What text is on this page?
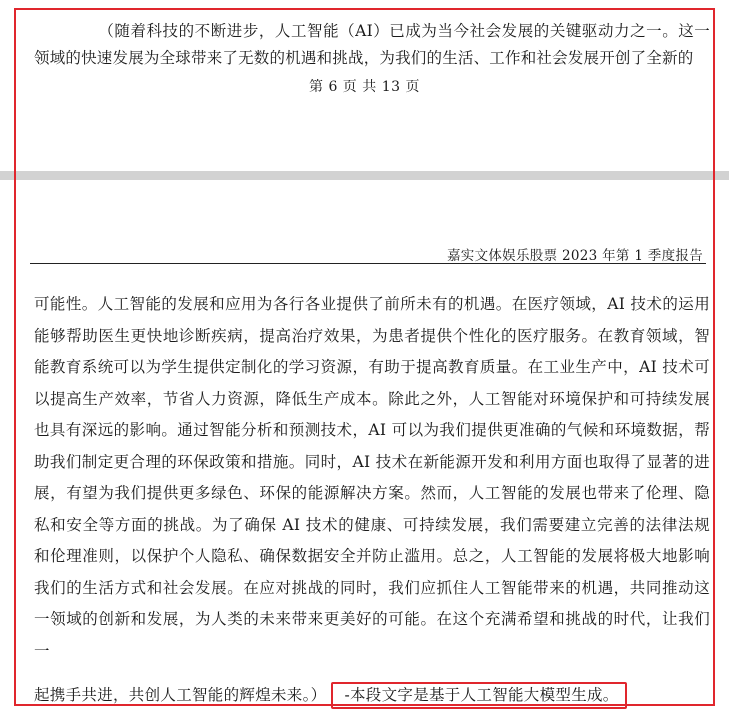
（随着科技的不断进步，人工智能（AI）已成为当今社会发展的关键驱动力之一。这一领域的快速发展为全球带来了无数的机遇和挑战，为我们的生活、工作和社会发展开创了全新的

第 6 页 共 13 页
嘉实文体娱乐股票 2023 年第 1 季度报告

可能性。人工智能的发展和应用为各行各业提供了前所未有的机遇。在医疗领域，AI 技术的运用能够帮助医生更快地诊断疾病，提高治疗效果，为患者提供个性化的医疗服务。在教育领域，智能教育系统可以为学生提供定制化的学习资源，有助于提高教育质量。在工业生产中，AI 技术可以提高生产效率，节省人力资源，降低生产成本。除此之外，人工智能对环境保护和可持续发展也具有深远的影响。通过智能分析和预测技术，AI 可以为我们提供更准确的气候和环境数据，帮助我们制定更合理的环保政策和措施。同时，AI 技术在新能源开发和利用方面也取得了显著的进展，有望为我们提供更多绿色、环保的能源解决方案。然而，人工智能的发展也带来了伦理、隐私和安全等方面的挑战。为了确保 AI 技术的健康、可持续发展，我们需要建立完善的法律法规和伦理准则，以保护个人隐私、确保数据安全并防止滥用。总之，人工智能的发展将极大地影响我们的生活方式和社会发展。在应对挑战的同时，我们应抓住人工智能带来的机遇，共同推动这一领域的创新和发展，为人类的未来带来更美好的可能。在这个充满希望和挑战的时代，让我们一

起携手共进，共创人工智能的辉煌未来。） -本段文字是基于人工智能大模型生成。
